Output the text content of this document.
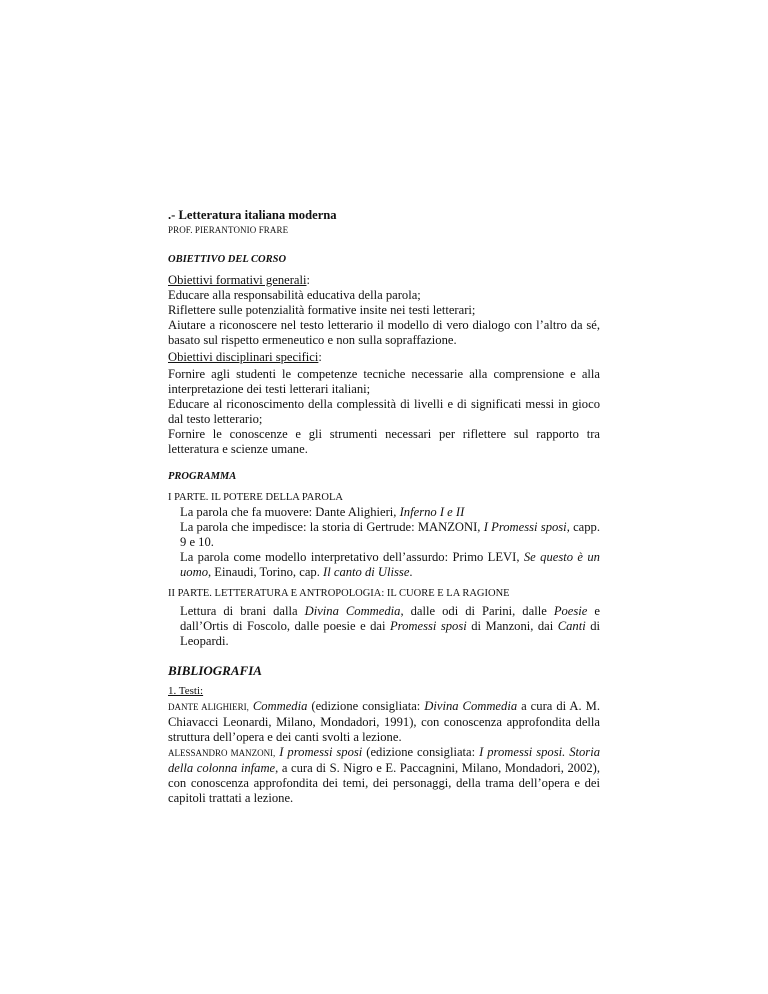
.- Letteratura italiana moderna

PROF. PIERANTONIO FRARE

OBIETTIVO DEL CORSO

Obiettivi formativi generali:

Educare alla responsabilità educativa della parola;

Riflettere sulle potenzialità formative insite nei testi letterari;

Aiutare a riconoscere nel testo letterario il modello di vero dialogo con l’altro da sé, basato sul rispetto ermeneutico e non sulla sopraffazione.

Obiettivi disciplinari specifici:

Fornire agli studenti le competenze tecniche necessarie alla comprensione e alla interpretazione dei testi letterari italiani;

Educare al riconoscimento della complessità di livelli e di significati messi in gioco dal testo letterario;

Fornire le conoscenze e gli strumenti necessari per riflettere sul rapporto tra letteratura e scienze umane.

PROGRAMMA

I PARTE. IL POTERE DELLA PAROLA

La parola che fa muovere: Dante Alighieri, Inferno I e II

La parola che impedisce: la storia di Gertrude: MANZONI, I Promessi sposi, capp. 9 e 10.

La parola come modello interpretativo dell’assurdo: Primo LEVI, Se questo è un uomo, Einaudi, Torino, cap. Il canto di Ulisse.

II PARTE. LETTERATURA E ANTROPOLOGIA: IL CUORE E LA RAGIONE

Lettura di brani dalla Divina Commedia, dalle odi di Parini, dalle Poesie e dall’Ortis di Foscolo, dalle poesie e dai Promessi sposi di Manzoni, dai Canti di Leopardi.

BIBLIOGRAFIA

1. Testi:

DANTE ALIGHIERI, Commedia (edizione consigliata: Divina Commedia a cura di A. M. Chiavacci Leonardi, Milano, Mondadori, 1991), con conoscenza approfondita della struttura dell’opera e dei canti svolti a lezione.

ALESSANDRO MANZONI, I promessi sposi (edizione consigliata: I promessi sposi. Storia della colonna infame, a cura di S. Nigro e E. Paccagnini, Milano, Mondadori, 2002), con conoscenza approfondita dei temi, dei personaggi, della trama dell’opera e dei capitoli trattati a lezione.
